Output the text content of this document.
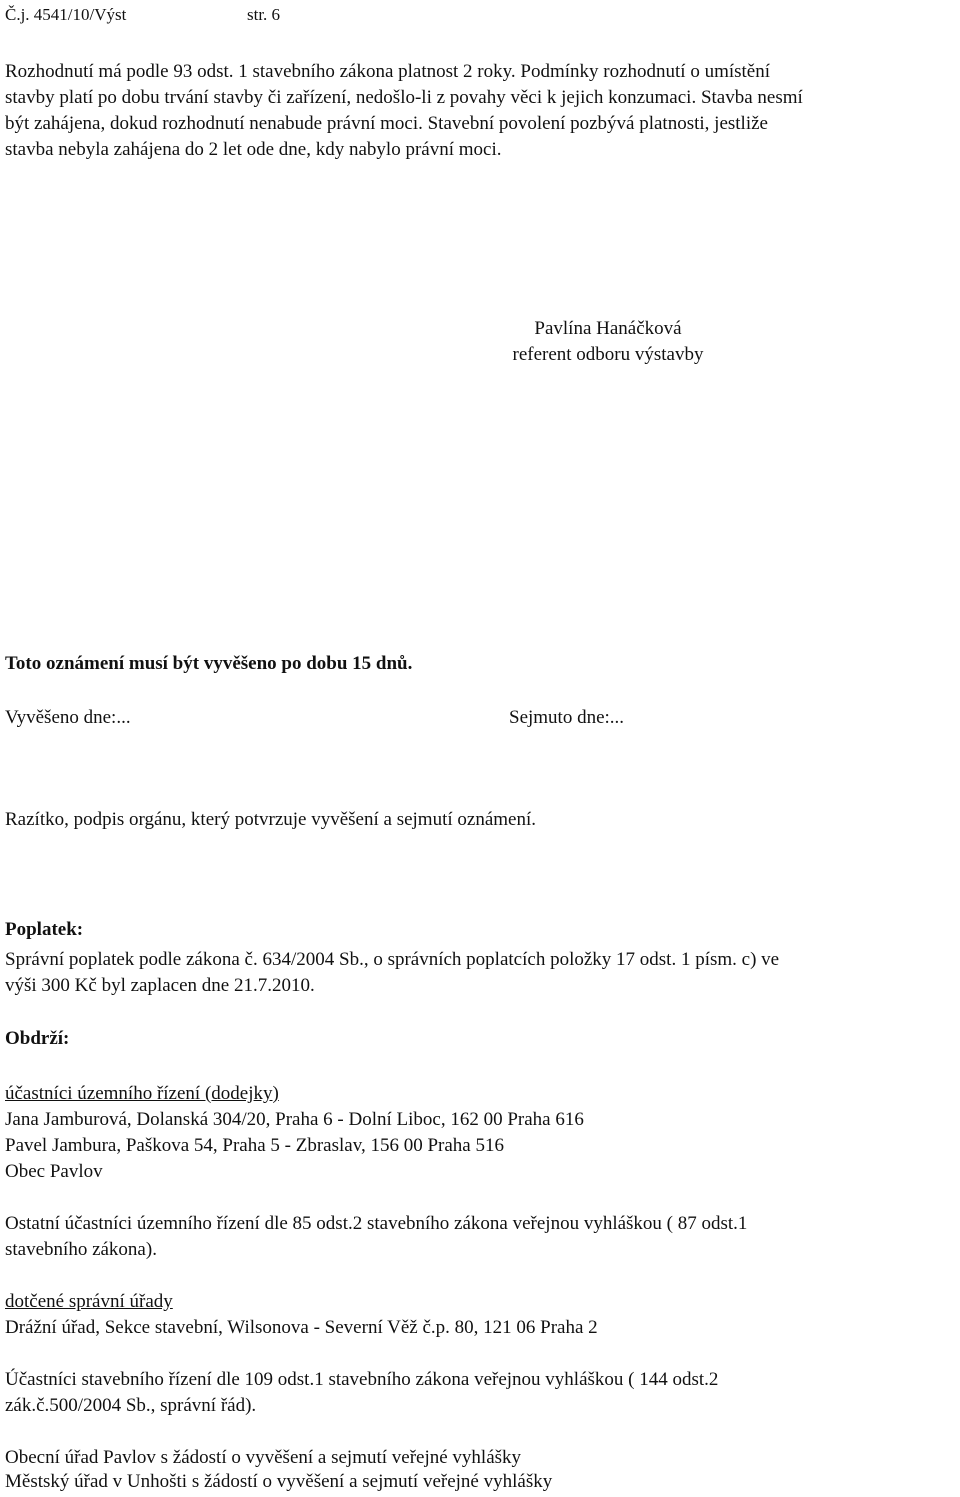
Č.j. 4541/10/Výst	str. 6
Rozhodnutí má podle 93 odst. 1 stavebního zákona platnost 2 roky. Podmínky rozhodnutí o umístění
stavby platí po dobu trvání stavby či zařízení, nedošlo-li z povahy věci k jejich konzumaci. Stavba nesmí
být zahájena, dokud rozhodnutí nenabude právní moci. Stavební povolení pozbývá platnosti, jestliže
stavba nebyla zahájena do 2 let ode dne, kdy nabylo právní moci.
Pavlína Hanáčková
referent odboru výstavby
Toto oznámení musí být vyvěšeno po dobu 15 dnů.
Vyvěšeno dne:...	Sejmuto dne:...
Razítko, podpis orgánu, který potvrzuje vyvěšení a sejmutí oznámení.
Poplatek:
Správní poplatek podle zákona č. 634/2004 Sb., o správních poplatcích položky 17 odst. 1 písm. c) ve
výši 300 Kč byl zaplacen dne 21.7.2010.
Obdrží:
účastníci územního řízení (dodejky)
Jana Jamburová, Dolanská 304/20, Praha 6 - Dolní Liboc, 162 00 Praha 616
Pavel Jambura, Paškova 54, Praha 5 - Zbraslav, 156 00 Praha 516
Obec Pavlov
Ostatní účastníci územního řízení dle 85 odst.2 stavebního zákona veřejnou vyhláškou ( 87 odst.1
stavebního zákona).
dotčené správní úřady
Drážní úřad, Sekce stavební, Wilsonova - Severní Věž č.p. 80, 121 06 Praha 2
Účastníci stavebního řízení dle 109 odst.1 stavebního zákona veřejnou vyhláškou ( 144 odst.2
zák.č.500/2004 Sb., správní řád).
Obecní úřad Pavlov s žádostí o vyvěšení a sejmutí veřejné vyhlášky
Městský úřad v Unhošti s žádostí o vyvěšení a sejmutí veřejné vyhlášky
